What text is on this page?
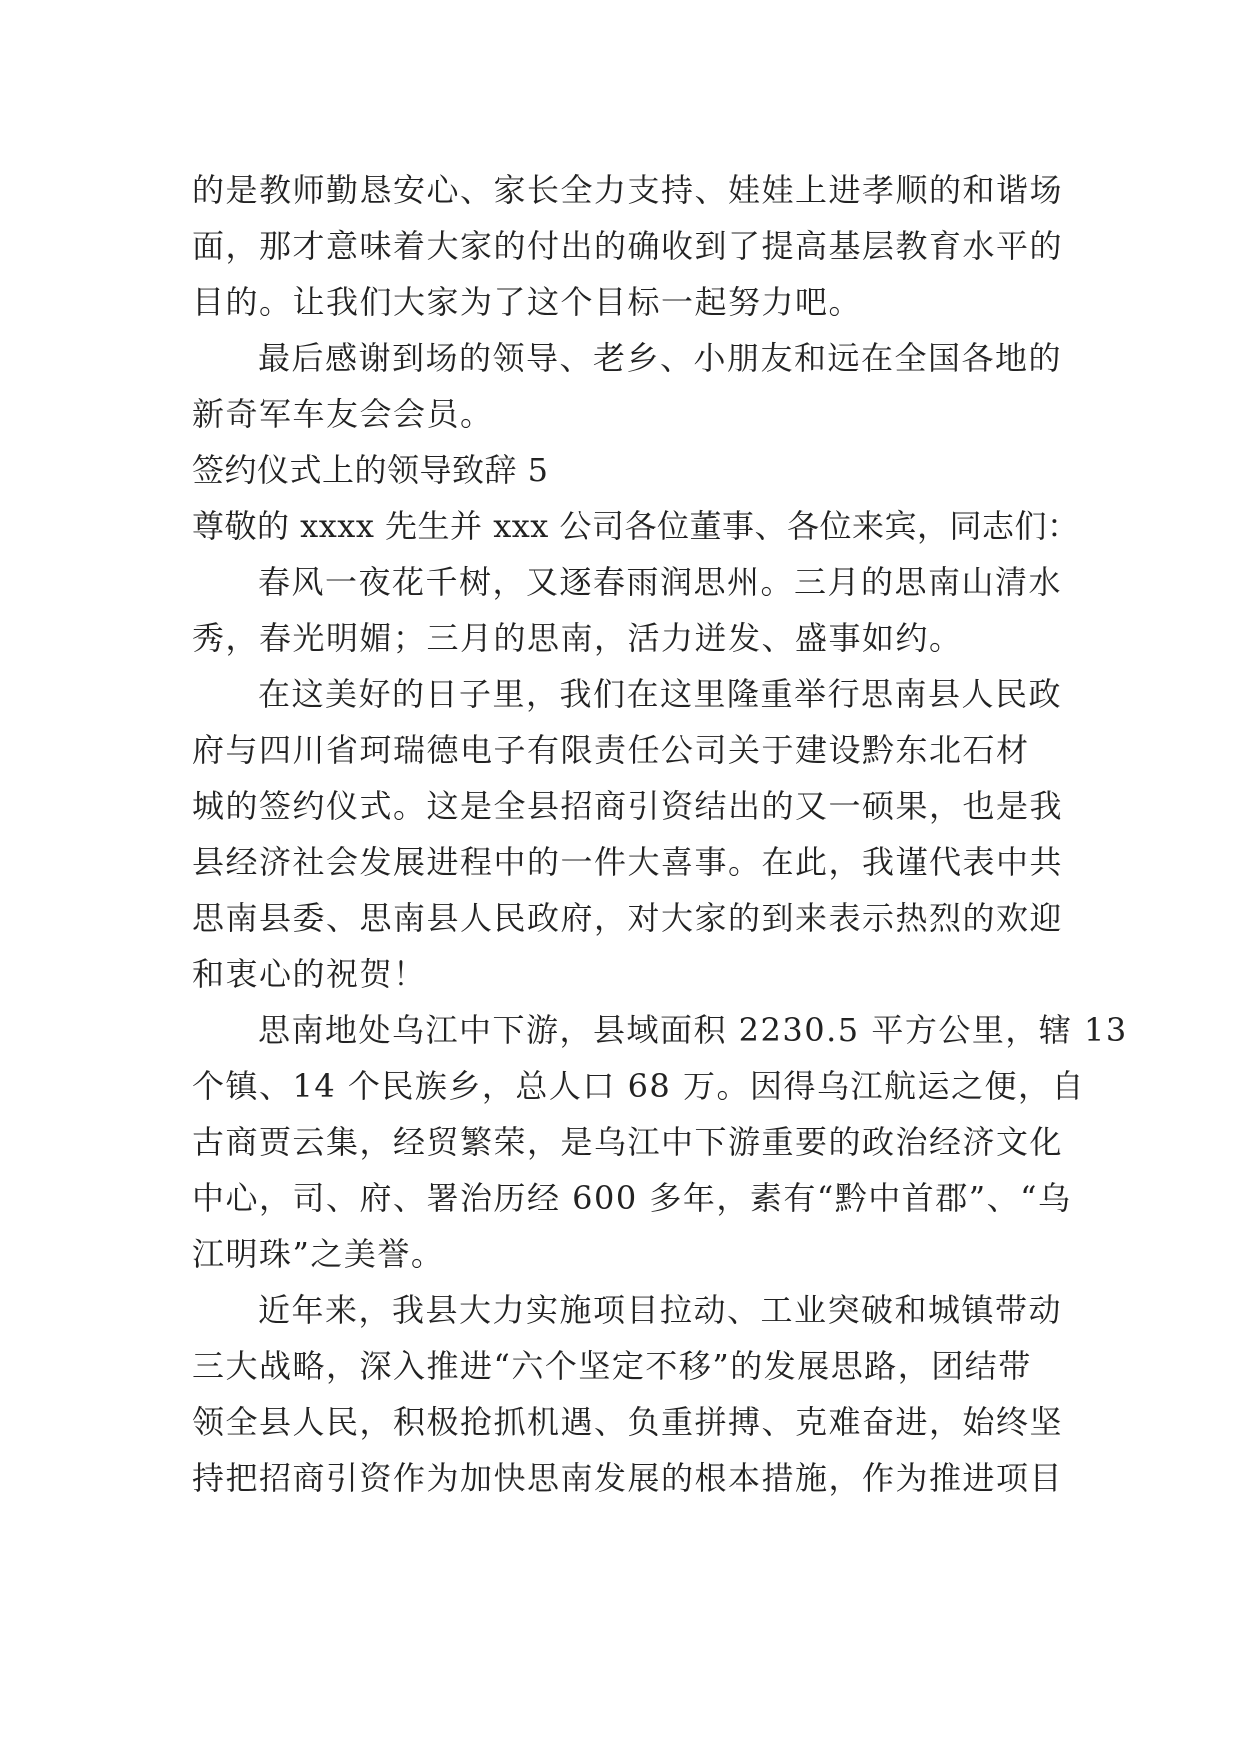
的是教师勤恳安心、家长全力支持、娃娃上进孝顺的和谐场
面，那才意味着大家的付出的确收到了提高基层教育水平的
目的。让我们大家为了这个目标一起努力吧。
最后感谢到场的领导、老乡、小朋友和远在全国各地的
新奇军车友会会员。
签约仪式上的领导致辞 5
尊敬的 xxxx 先生并 xxx 公司各位董事、各位来宾，同志们：
春风一夜花千树，又逐春雨润思州。三月的思南山清水
秀，春光明媚；三月的思南，活力迸发、盛事如约。
在这美好的日子里，我们在这里隆重举行思南县人民政
府与四川省珂瑞德电子有限责任公司关于建设黔东北石材
城的签约仪式。这是全县招商引资结出的又一硕果，也是我
县经济社会发展进程中的一件大喜事。在此，我谨代表中共
思南县委、思南县人民政府，对大家的到来表示热烈的欢迎
和衷心的祝贺！
思南地处乌江中下游，县域面积 2230.5 平方公里，辖 13
个镇、14 个民族乡，总人口 68 万。因得乌江航运之便，自
古商贾云集，经贸繁荣，是乌江中下游重要的政治经济文化
中心，司、府、署治历经 600 多年，素有“黔中首郡”、“乌
江明珠”之美誉。
近年来，我县大力实施项目拉动、工业突破和城镇带动
三大战略，深入推进“六个坚定不移”的发展思路，团结带
领全县人民，积极抢抓机遇、负重拼搏、克难奋进，始终坚
持把招商引资作为加快思南发展的根本措施，作为推进项目
